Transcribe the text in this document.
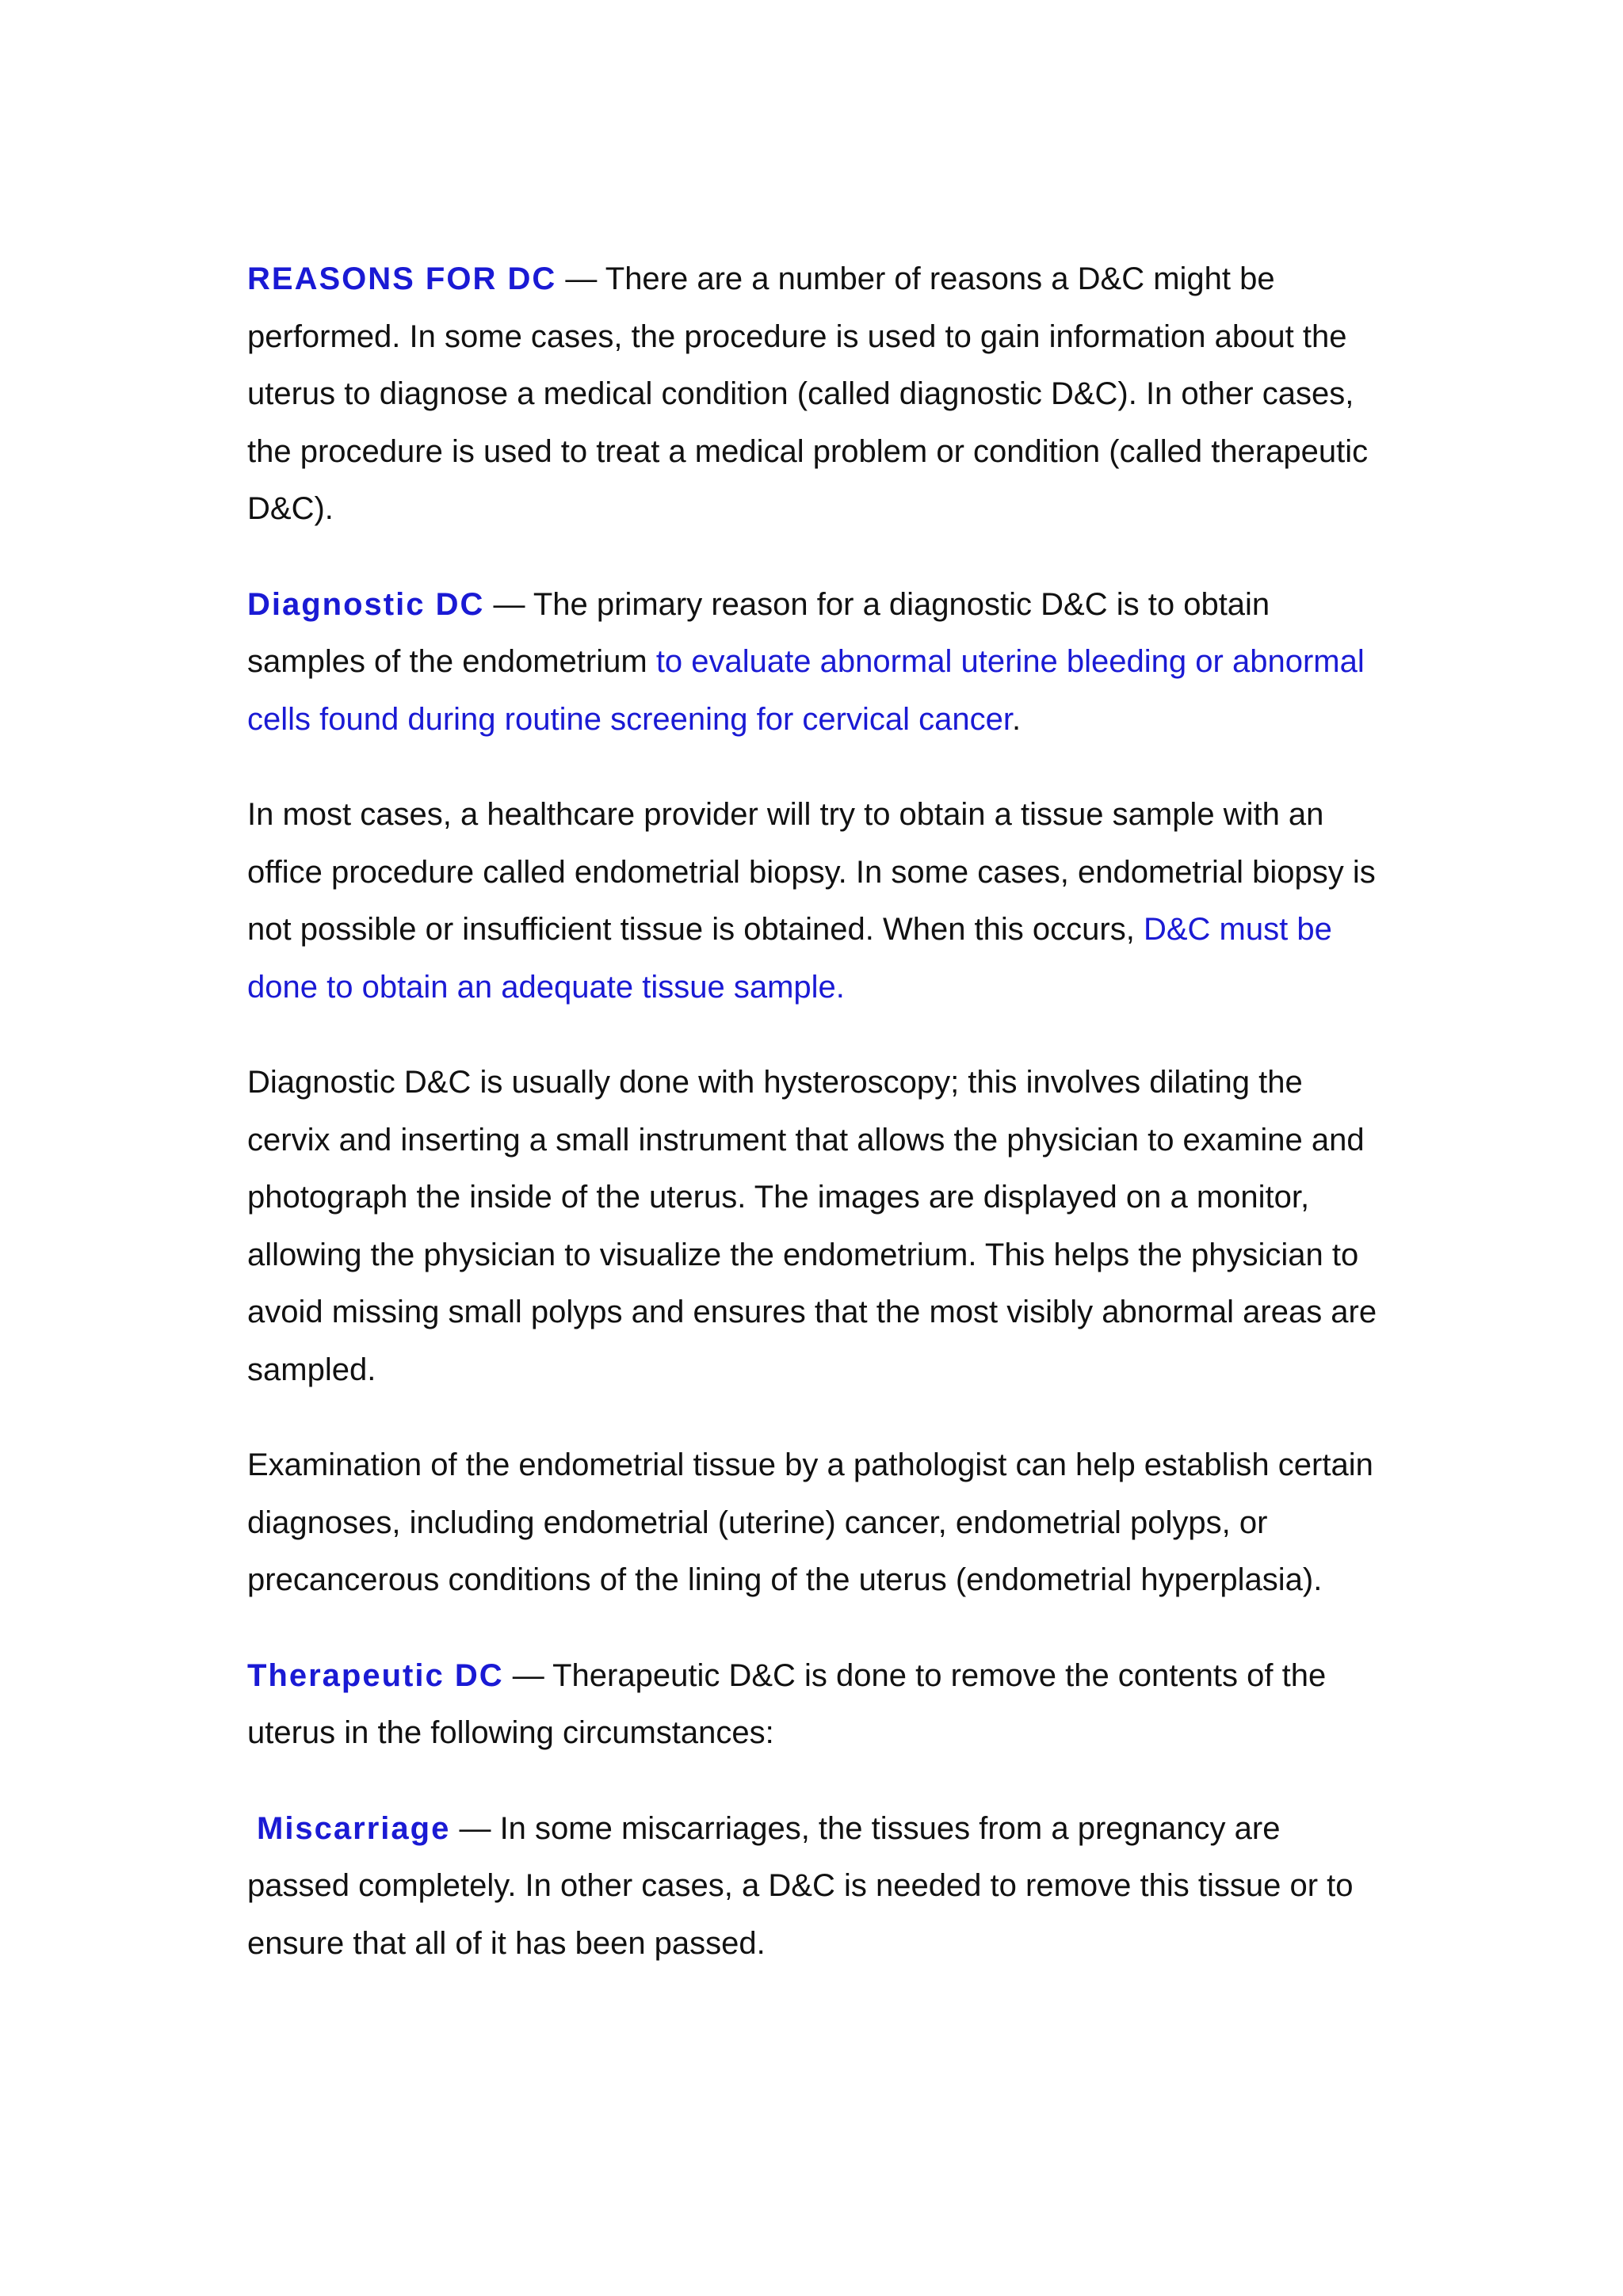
REASONS FOR DC — There are a number of reasons a D&C might be performed. In some cases, the procedure is used to gain information about the uterus to diagnose a medical condition (called diagnostic D&C). In other cases, the procedure is used to treat a medical problem or condition (called therapeutic D&C).

Diagnostic DC — The primary reason for a diagnostic D&C is to obtain samples of the endometrium to evaluate abnormal uterine bleeding or abnormal cells found during routine screening for cervical cancer.

In most cases, a healthcare provider will try to obtain a tissue sample with an office procedure called endometrial biopsy. In some cases, endometrial biopsy is not possible or insufficient tissue is obtained. When this occurs, D&C must be done to obtain an adequate tissue sample.

Diagnostic D&C is usually done with hysteroscopy; this involves dilating the cervix and inserting a small instrument that allows the physician to examine and photograph the inside of the uterus. The images are displayed on a monitor, allowing the physician to visualize the endometrium. This helps the physician to avoid missing small polyps and ensures that the most visibly abnormal areas are sampled.

Examination of the endometrial tissue by a pathologist can help establish certain diagnoses, including endometrial (uterine) cancer, endometrial polyps, or precancerous conditions of the lining of the uterus (endometrial hyperplasia).

Therapeutic DC — Therapeutic D&C is done to remove the contents of the uterus in the following circumstances:

Miscarriage — In some miscarriages, the tissues from a pregnancy are passed completely. In other cases, a D&C is needed to remove this tissue or to ensure that all of it has been passed.
